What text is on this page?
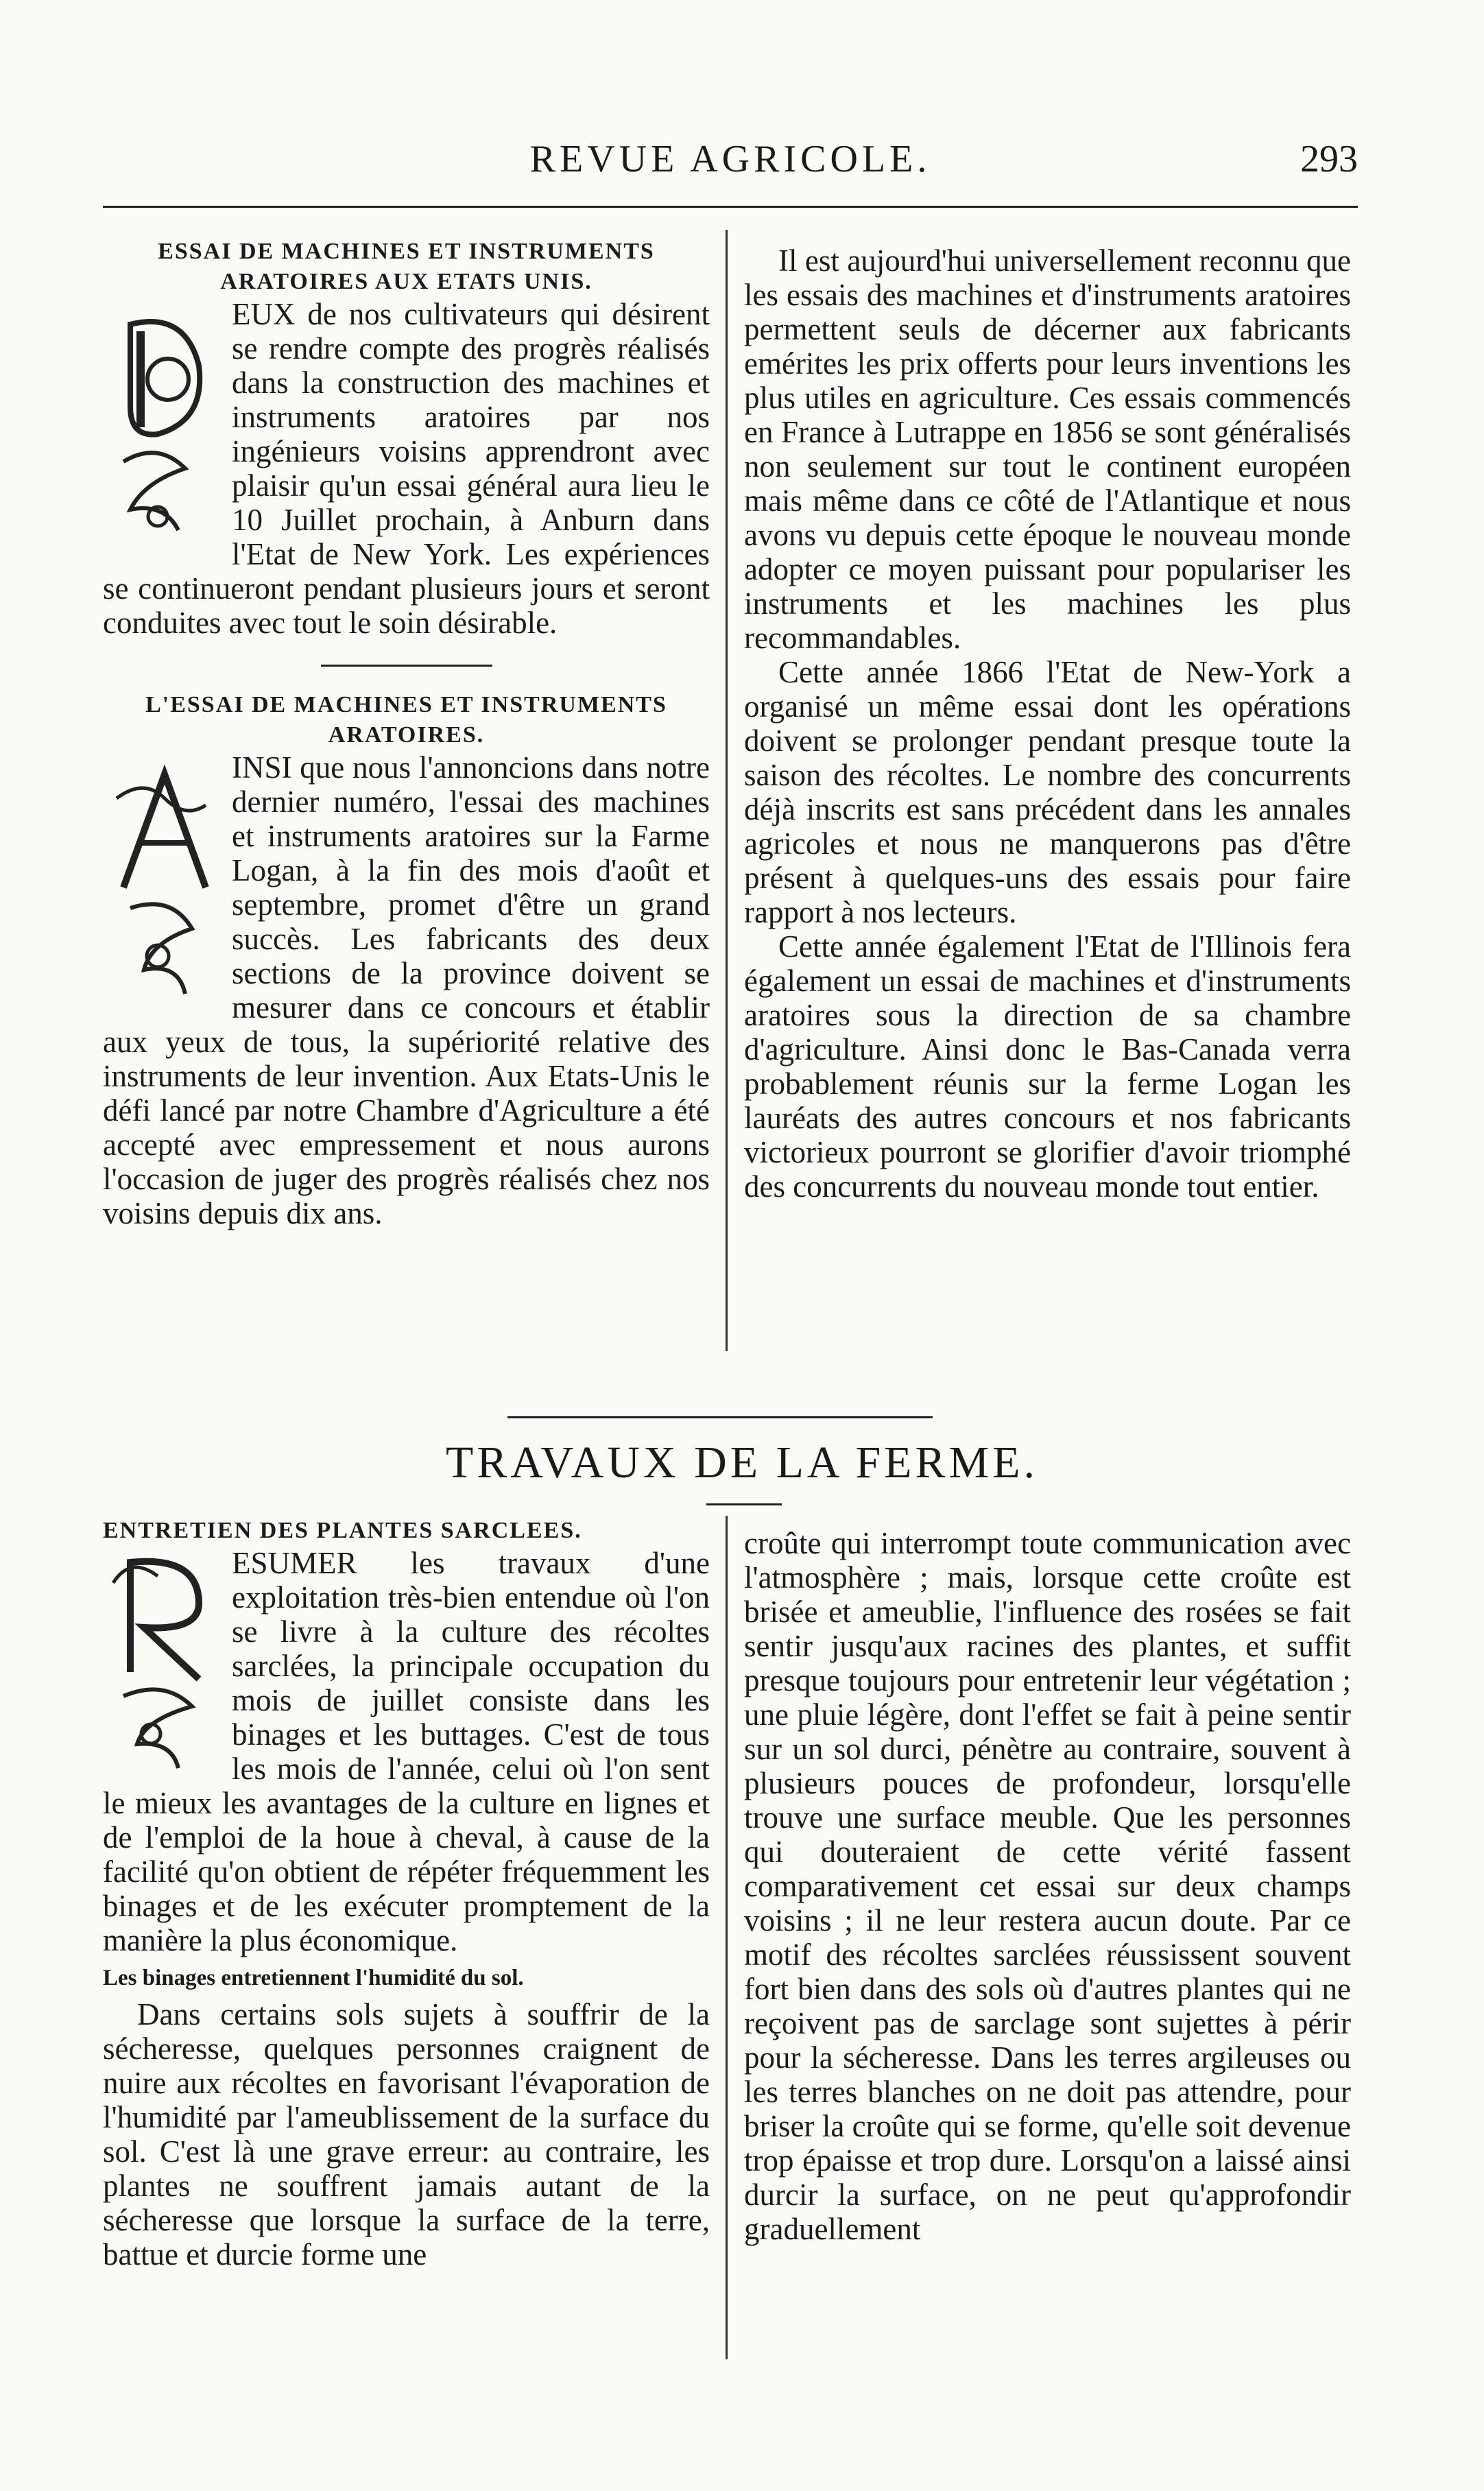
REVUE AGRICOLE.	293
ESSAI DE MACHINES ET INSTRUMENTS
ARATOIRES AUX ETATS UNIS.

EUX de nos cultivateurs qui désirent se rendre compte des progrès réalisés dans la construction des machines et instruments aratoires par nos ingénieurs voisins apprendront avec plaisir qu'un essai général aura lieu le 10 Juillet prochain, à Anburn dans l'Etat de New York. Les expériences se continueront pendant plusieurs jours et seront conduites avec tout le soin désirable.

L'ESSAI DE MACHINES ET INSTRUMENTS
ARATOIRES.

INSI que nous l'annoncions dans notre dernier numéro, l'essai des machines et instruments aratoires sur la Farme Logan, à la fin des mois d'août et septembre, promet d'être un grand succès. Les fabricants des deux sections de la province doivent se mesurer dans ce concours et établir aux yeux de tous, la supériorité relative des instruments de leur invention. Aux Etats-Unis le défi lancé par notre Chambre d'Agriculture a été accepté avec empressement et nous aurons l'occasion de juger des progrès réalisés chez nos voisins depuis dix ans.

Il est aujourd'hui universellement reconnu que les essais des machines et d'instruments aratoires permettent seuls de décerner aux fabricants emérites les prix offerts pour leurs inventions les plus utiles en agriculture. Ces essais commencés en France à Lutrappe en 1856 se sont généralisés non seulement sur tout le continent européen mais même dans ce côté de l'Atlantique et nous avons vu depuis cette époque le nouveau monde adopter ce moyen puissant pour populariser les instruments et les machines les plus recommandables.

Cette année 1866 l'Etat de New-York a organisé un même essai dont les opérations doivent se prolonger pendant presque toute la saison des récoltes. Le nombre des concurrents déjà inscrits est sans précédent dans les annales agricoles et nous ne manquerons pas d'être présent à quelques-uns des essais pour faire rapport à nos lecteurs.

Cette année également l'Etat de l'Illinois fera également un essai de machines et d'instruments aratoires sous la direction de sa chambre d'agriculture. Ainsi donc le Bas-Canada verra probablement réunis sur la ferme Logan les lauréats des autres concours et nos fabricants victorieux pourront se glorifier d'avoir triomphé des concurrents du nouveau monde tout entier.

TRAVAUX DE LA FERME.
ENTRETIEN DES PLANTES SARCLEES.

ESUMER les travaux d'une exploitation très-bien entendue où l'on se livre à la culture des récoltes sarclées, la principale occupation du mois de juillet consiste dans les binages et les buttages. C'est de tous les mois de l'année, celui où l'on sent le mieux les avantages de la culture en lignes et de l'emploi de la houe à cheval, à cause de la facilité qu'on obtient de répéter fréquemment les binages et de les exécuter promptement de la manière la plus économique.

Les binages entretiennent l'humidité du sol.

Dans certains sols sujets à souffrir de la sécheresse, quelques personnes craignent de nuire aux récoltes en favorisant l'évaporation de l'humidité par l'ameublissement de la surface du sol. C'est là une grave erreur: au contraire, les plantes ne souffrent jamais autant de la sécheresse que lorsque la surface de la terre, battue et durcie forme une

croûte qui interrompt toute communication avec l'atmosphère ; mais, lorsque cette croûte est brisée et ameublie, l'influence des rosées se fait sentir jusqu'aux racines des plantes, et suffit presque toujours pour entretenir leur végétation ; une pluie légère, dont l'effet se fait à peine sentir sur un sol durci, pénètre au contraire, souvent à plusieurs pouces de profondeur, lorsqu'elle trouve une surface meuble. Que les personnes qui douteraient de cette vérité fassent comparativement cet essai sur deux champs voisins ; il ne leur restera aucun doute. Par ce motif des récoltes sarclées réussissent souvent fort bien dans des sols où d'autres plantes qui ne reçoivent pas de sarclage sont sujettes à périr pour la sécheresse. Dans les terres argileuses ou les terres blanches on ne doit pas attendre, pour briser la croûte qui se forme, qu'elle soit devenue trop épaisse et trop dure. Lorsqu'on a laissé ainsi durcir la surface, on ne peut qu'approfondir graduellement
